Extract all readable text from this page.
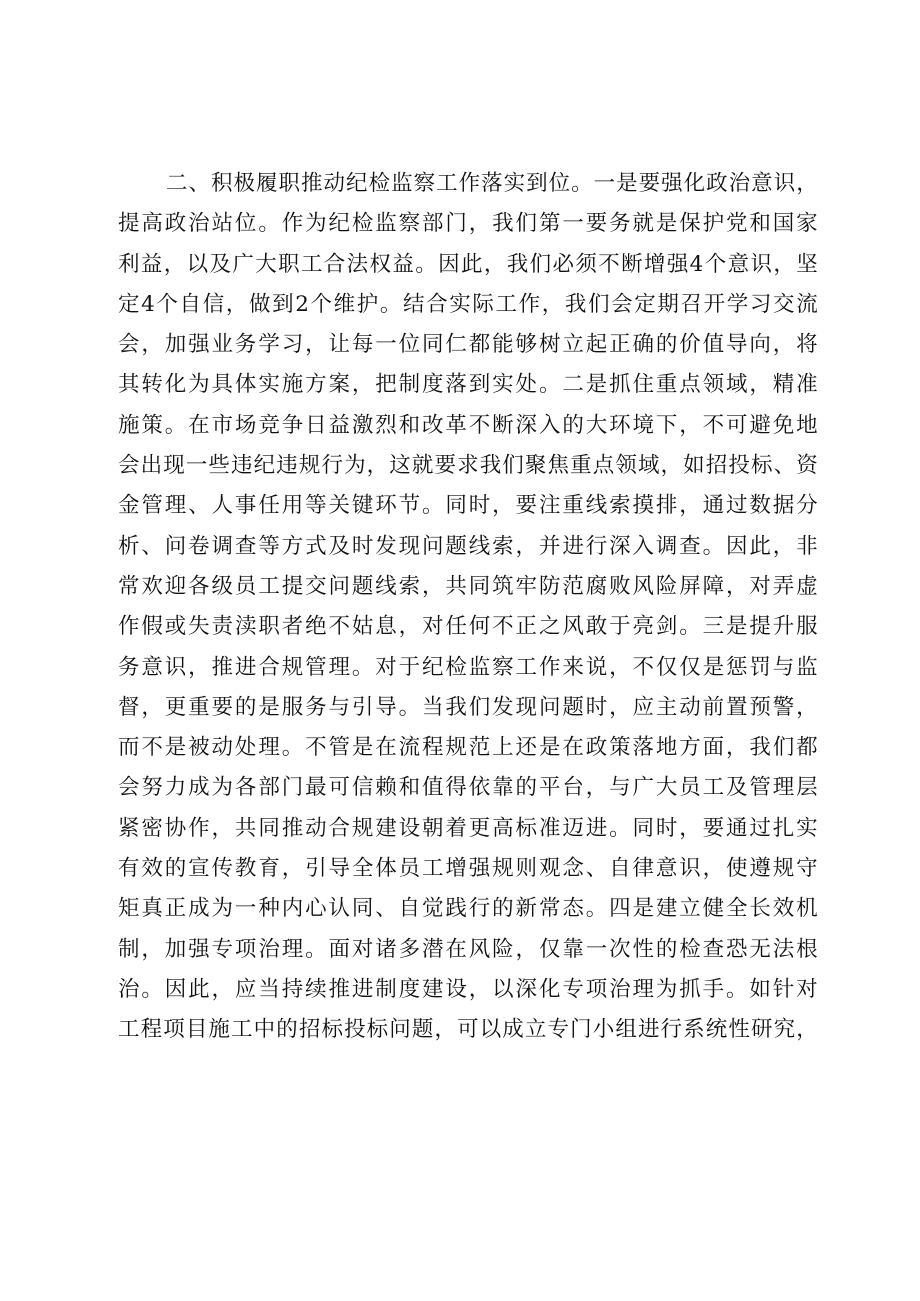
二、积极履职推动纪检监察工作落实到位。一是要强化政治意识，
提高政治站位。作为纪检监察部门，我们第一要务就是保护党和国家
利益，以及广大职工合法权益。因此，我们必须不断增强4个意识，坚
定4个自信，做到2个维护。结合实际工作，我们会定期召开学习交流
会，加强业务学习，让每一位同仁都能够树立起正确的价值导向，将
其转化为具体实施方案，把制度落到实处。二是抓住重点领域，精准
施策。在市场竞争日益激烈和改革不断深入的大环境下，不可避免地
会出现一些违纪违规行为，这就要求我们聚焦重点领域，如招投标、资
金管理、人事任用等关键环节。同时，要注重线索摸排，通过数据分
析、问卷调查等方式及时发现问题线索，并进行深入调查。因此，非
常欢迎各级员工提交问题线索，共同筑牢防范腐败风险屏障，对弄虚
作假或失责渎职者绝不姑息，对任何不正之风敢于亮剑。三是提升服
务意识，推进合规管理。对于纪检监察工作来说，不仅仅是惩罚与监
督，更重要的是服务与引导。当我们发现问题时，应主动前置预警，
而不是被动处理。不管是在流程规范上还是在政策落地方面，我们都
会努力成为各部门最可信赖和值得依靠的平台，与广大员工及管理层
紧密协作，共同推动合规建设朝着更高标准迈进。同时，要通过扎实
有效的宣传教育，引导全体员工增强规则观念、自律意识，使遵规守
矩真正成为一种内心认同、自觉践行的新常态。四是建立健全长效机
制，加强专项治理。面对诸多潜在风险，仅靠一次性的检查恐无法根
治。因此，应当持续推进制度建设，以深化专项治理为抓手。如针对
工程项目施工中的招标投标问题，可以成立专门小组进行系统性研究，
